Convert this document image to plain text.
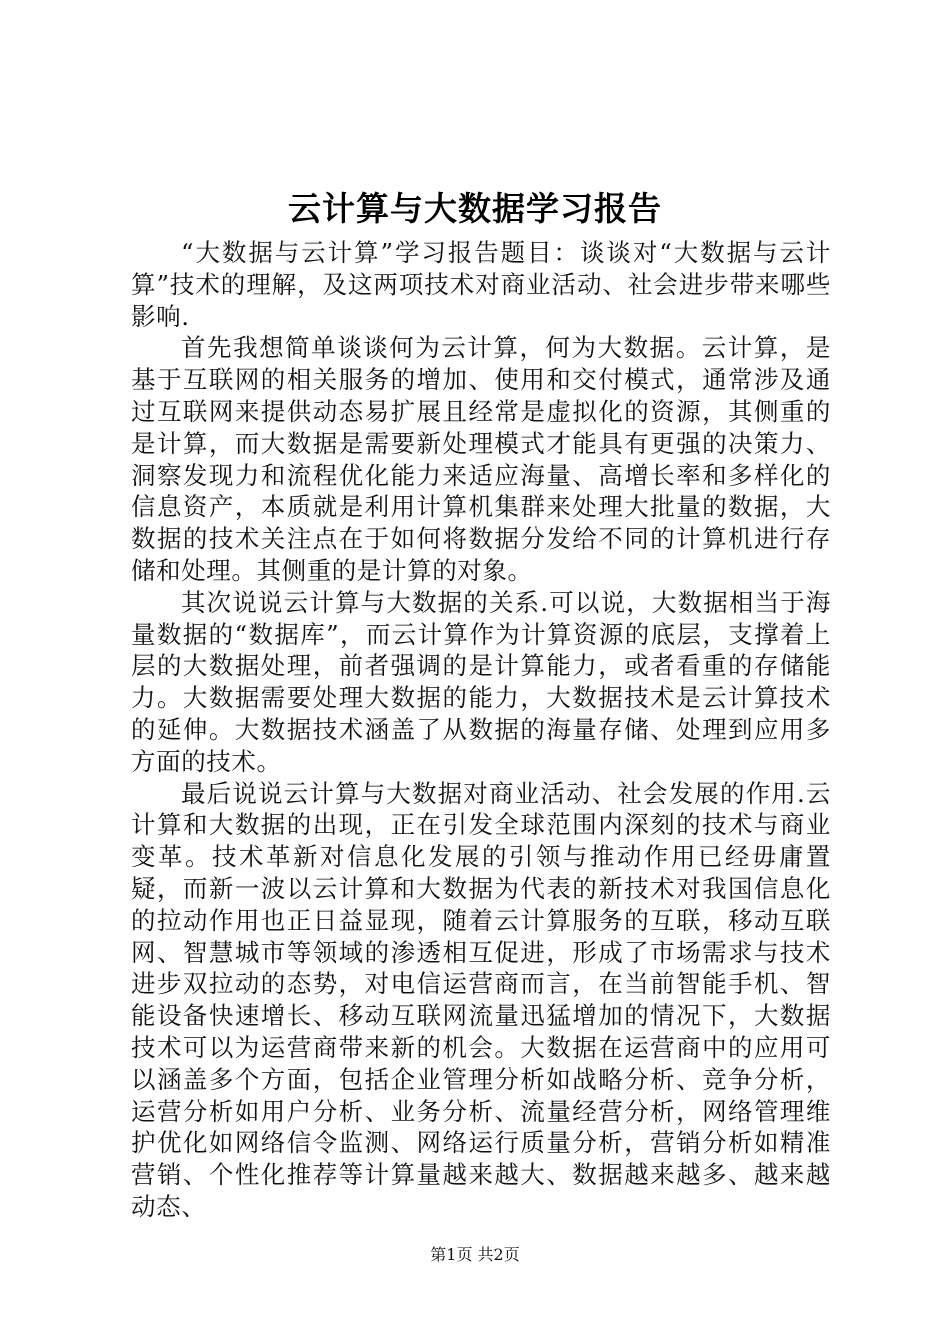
云计算与大数据学习报告

“大数据与云计算”学习报告题目：谈谈对“大数据与云计算”技术的理解，及这两项技术对商业活动、社会进步带来哪些影响.

首先我想简单谈谈何为云计算，何为大数据。云计算，是基于互联网的相关服务的增加、使用和交付模式，通常涉及通过互联网来提供动态易扩展且经常是虚拟化的资源，其侧重的是计算，而大数据是需要新处理模式才能具有更强的决策力、洞察发现力和流程优化能力来适应海量、高增长率和多样化的信息资产，本质就是利用计算机集群来处理大批量的数据，大数据的技术关注点在于如何将数据分发给不同的计算机进行存储和处理。其侧重的是计算的对象。

其次说说云计算与大数据的关系.可以说，大数据相当于海量数据的“数据库”，而云计算作为计算资源的底层，支撑着上层的大数据处理，前者强调的是计算能力，或者看重的存储能力。大数据需要处理大数据的能力，大数据技术是云计算技术的延伸。大数据技术涵盖了从数据的海量存储、处理到应用多方面的技术。

最后说说云计算与大数据对商业活动、社会发展的作用.云计算和大数据的出现，正在引发全球范围内深刻的技术与商业变革。技术革新对信息化发展的引领与推动作用已经毋庸置疑，而新一波以云计算和大数据为代表的新技术对我国信息化的拉动作用也正日益显现，随着云计算服务的互联，移动互联网、智慧城市等领域的渗透相互促进，形成了市场需求与技术进步双拉动的态势，对电信运营商而言，在当前智能手机、智能设备快速增长、移动互联网流量迅猛增加的情况下，大数据技术可以为运营商带来新的机会。大数据在运营商中的应用可以涵盖多个方面，包括企业管理分析如战略分析、竞争分析，运营分析如用户分析、业务分析、流量经营分析，网络管理维护优化如网络信令监测、网络运行质量分析，营销分析如精准营销、个性化推荐等计算量越来越大、数据越来越多、越来越动态、

第1页 共2页
